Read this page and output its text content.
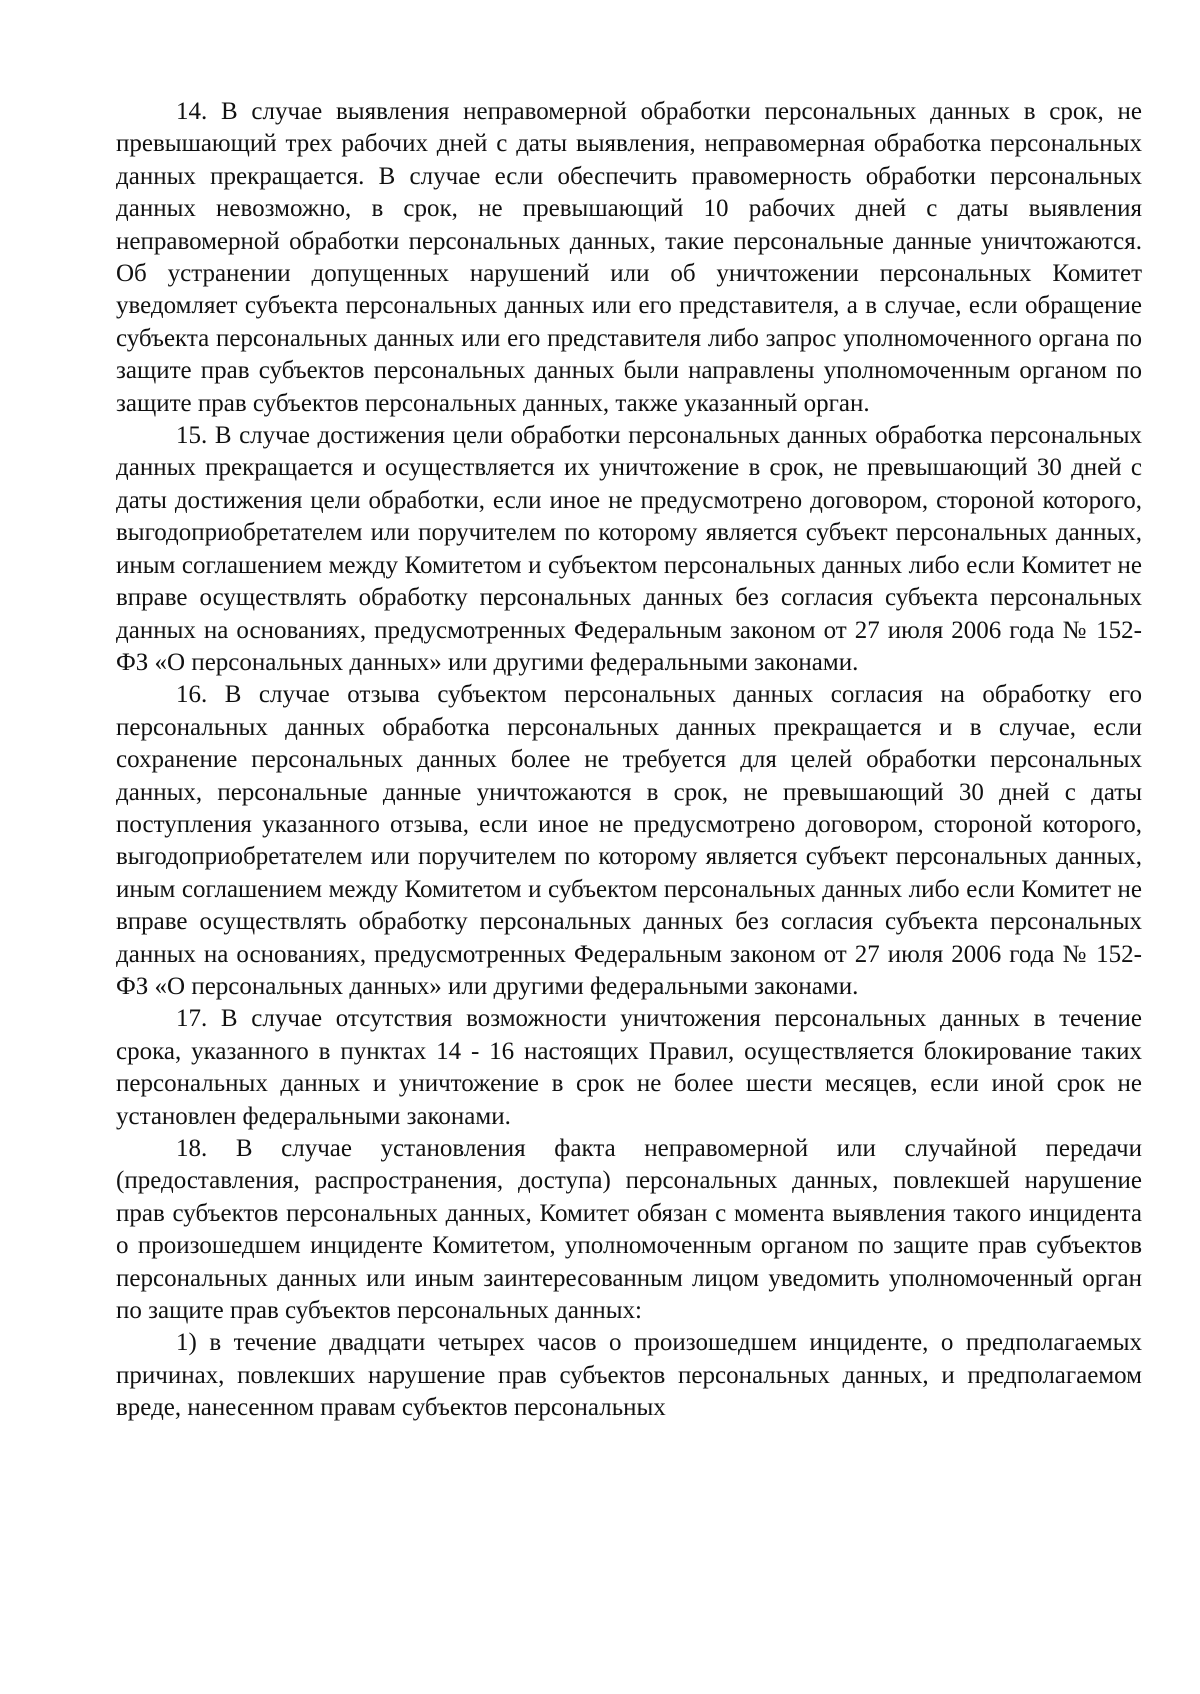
14. В случае выявления неправомерной обработки персональных данных в срок, не превышающий трех рабочих дней с даты выявления, неправомерная обработка персональных данных прекращается. В случае если обеспечить правомерность обработки персональных данных невозможно, в срок, не превышающий 10 рабочих дней с даты выявления неправомерной обработки персональных данных, такие персональные данные уничтожаются. Об устранении допущенных нарушений или об уничтожении персональных Комитет уведомляет субъекта персональных данных или его представителя, а в случае, если обращение субъекта персональных данных или его представителя либо запрос уполномоченного органа по защите прав субъектов персональных данных были направлены уполномоченным органом по защите прав субъектов персональных данных, также указанный орган.

15. В случае достижения цели обработки персональных данных обработка персональных данных прекращается и осуществляется их уничтожение в срок, не превышающий 30 дней с даты достижения цели обработки, если иное не предусмотрено договором, стороной которого, выгодоприобретателем или поручителем по которому является субъект персональных данных, иным соглашением между Комитетом и субъектом персональных данных либо если Комитет не вправе осуществлять обработку персональных данных без согласия субъекта персональных данных на основаниях, предусмотренных Федеральным законом от 27 июля 2006 года № 152-ФЗ «О персональных данных» или другими федеральными законами.

16. В случае отзыва субъектом персональных данных согласия на обработку его персональных данных обработка персональных данных прекращается и в случае, если сохранение персональных данных более не требуется для целей обработки персональных данных, персональные данные уничтожаются в срок, не превышающий 30 дней с даты поступления указанного отзыва, если иное не предусмотрено договором, стороной которого, выгодоприобретателем или поручителем по которому является субъект персональных данных, иным соглашением между Комитетом и субъектом персональных данных либо если Комитет не вправе осуществлять обработку персональных данных без согласия субъекта персональных данных на основаниях, предусмотренных Федеральным законом от 27 июля 2006 года № 152-ФЗ «О персональных данных» или другими федеральными законами.

17. В случае отсутствия возможности уничтожения персональных данных в течение срока, указанного в пунктах 14 - 16 настоящих Правил, осуществляется блокирование таких персональных данных и уничтожение в срок не более шести месяцев, если иной срок не установлен федеральными законами.

18. В случае установления факта неправомерной или случайной передачи (предоставления, распространения, доступа) персональных данных, повлекшей нарушение прав субъектов персональных данных, Комитет обязан с момента выявления такого инцидента о произошедшем инциденте Комитетом, уполномоченным органом по защите прав субъектов персональных данных или иным заинтересованным лицом уведомить уполномоченный орган по защите прав субъектов персональных данных:

1) в течение двадцати четырех часов о произошедшем инциденте, о предполагаемых причинах, повлекших нарушение прав субъектов персональных данных, и предполагаемом вреде, нанесенном правам субъектов персональных
